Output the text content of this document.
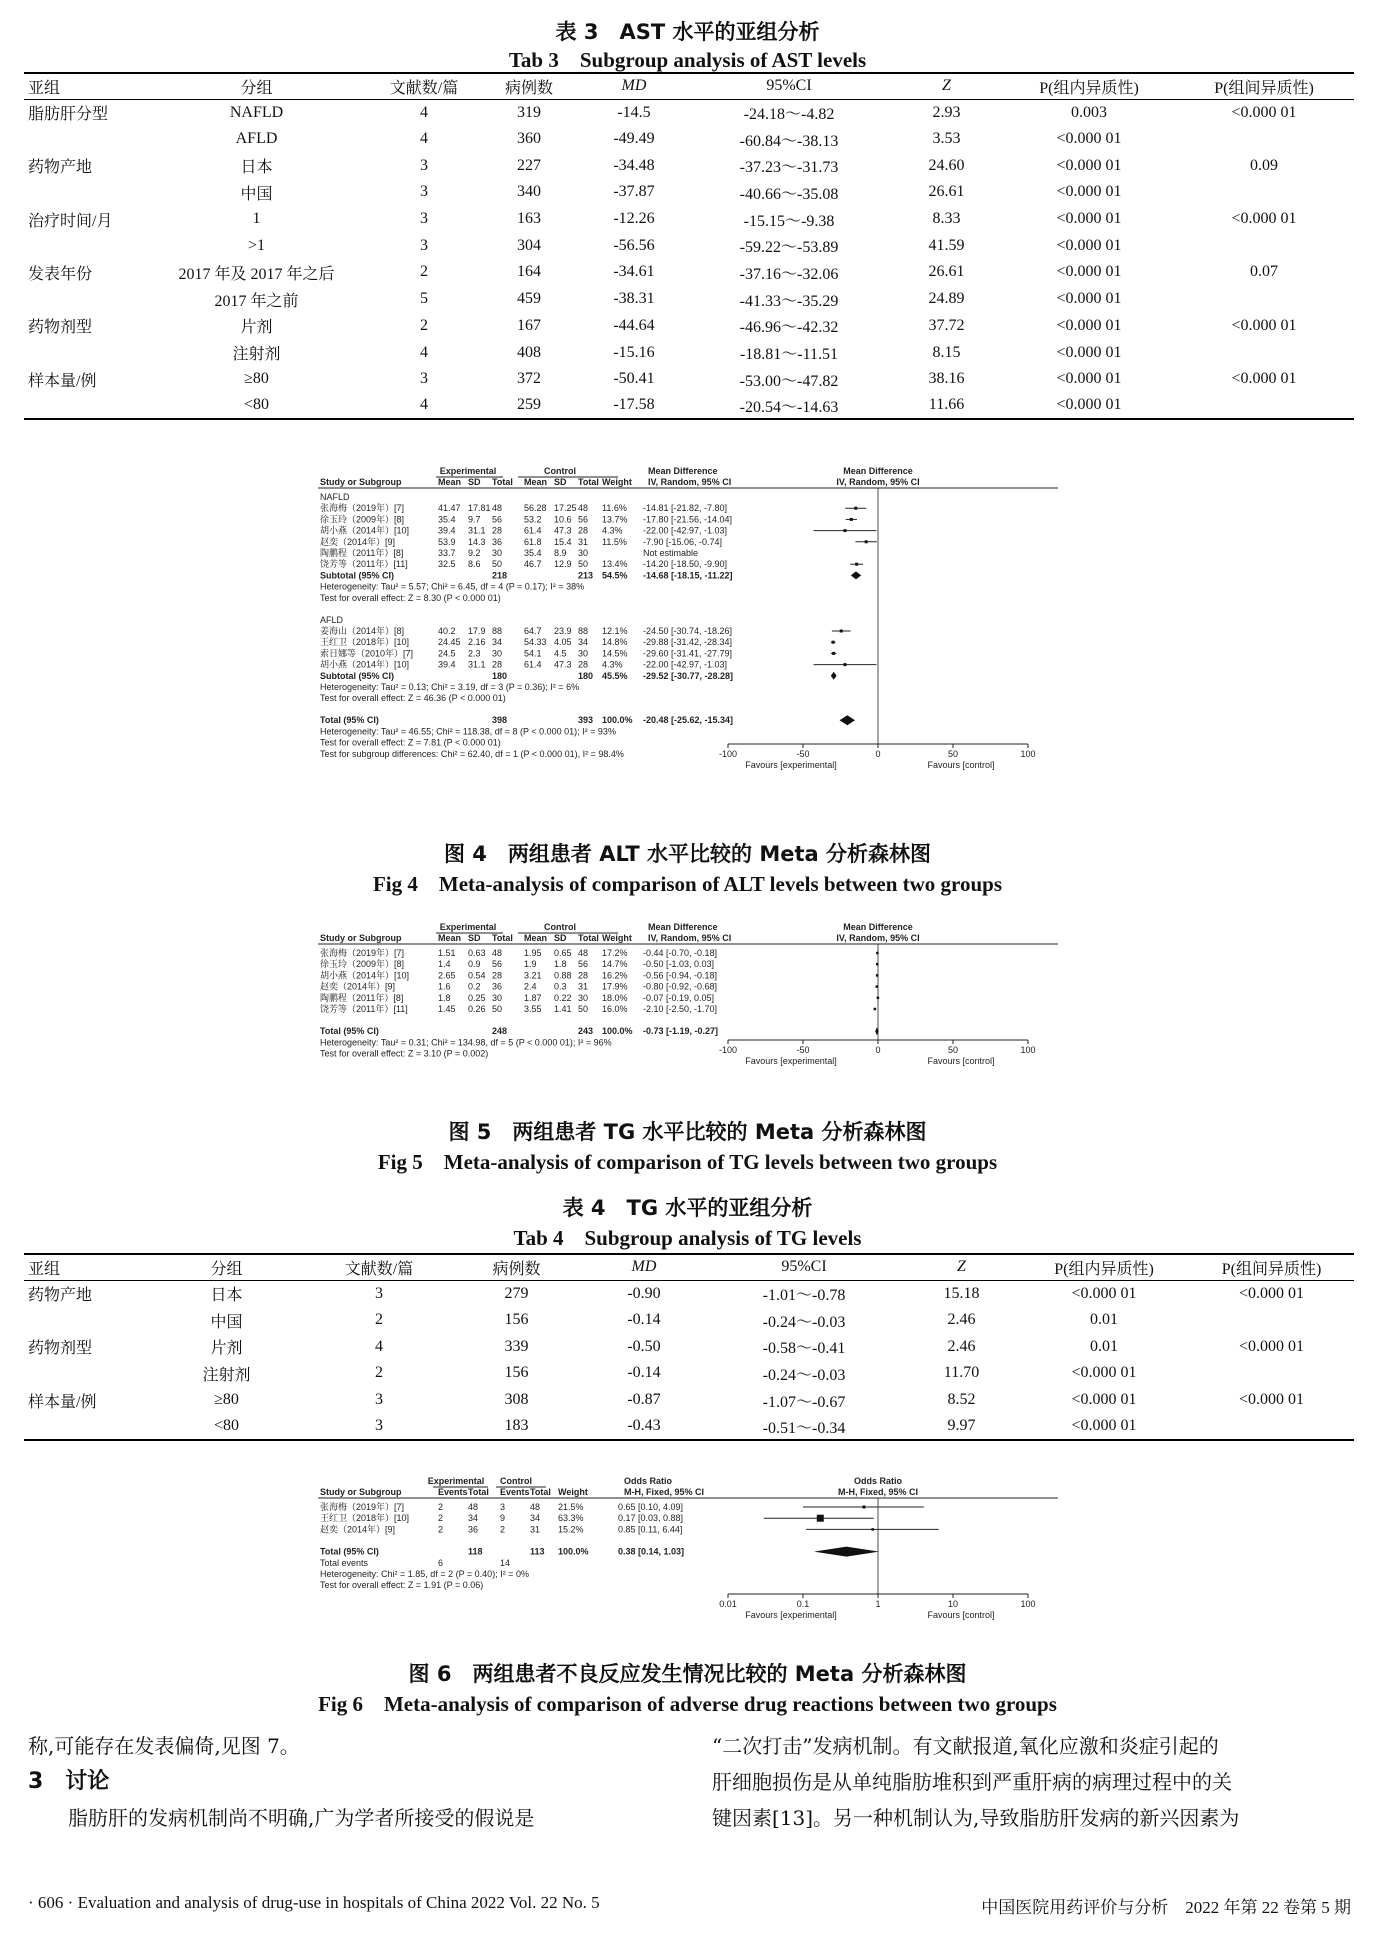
表 3　AST 水平的亚组分析
Tab 3　Subgroup analysis of AST levels
亚组	分组	文献数/篇	病例数	MD	95%CI	Z	P(组内异质性)	P(组间异质性)
脂肪肝分型	NAFLD	4	319	-14.5	-24.18～-4.82	2.93	0.003	<0.000 01
	AFLD	4	360	-49.49	-60.84～-38.13	3.53	<0.000 01	
药物产地	日本	3	227	-34.48	-37.23～-31.73	24.60	<0.000 01	0.09
	中国	3	340	-37.87	-40.66～-35.08	26.61	<0.000 01	
治疗时间/月	1	3	163	-12.26	-15.15～-9.38	8.33	<0.000 01	<0.000 01
	>1	3	304	-56.56	-59.22～-53.89	41.59	<0.000 01	
发表年份	2017 年及 2017 年之后	2	164	-34.61	-37.16～-32.06	26.61	<0.000 01	0.07
	2017 年之前	5	459	-38.31	-41.33～-35.29	24.89	<0.000 01	
药物剂型	片剂	2	167	-44.64	-46.96～-42.32	37.72	<0.000 01	<0.000 01
	注射剂	4	408	-15.16	-18.81～-11.51	8.15	<0.000 01	
样本量/例	≥80	3	372	-50.41	-53.00～-47.82	38.16	<0.000 01	<0.000 01
	<80	4	259	-17.58	-20.54～-14.63	11.66	<0.000 01	
Experimental	Control	Mean Difference	Mean Difference
IV, Random, 95% CI	IV, Random, 95% CI
Study or Subgroup	Mean SD Total Mean SD Total Weight
NAFLD
张海梅（2019年）[7]	41.47 17.81 48 56.28 17.25 48 11.6% -14.81 [-21.82, -7.80]
徐玉玲（2009年）[8]	35.4 9.7 56 53.2 10.6 56 13.7% -17.80 [-21.56, -14.04]
胡小燕（2014年）[10]	39.4 31.1 28 61.4 47.3 28 4.3% -22.00 [-42.97, -1.03]
赵奕（2014年）[9]	53.9 14.3 36 61.8 15.4 31 11.5% -7.90 [-15.06, -0.74]
陶鹏程（2011年）[8]	33.7 9.2 30 35.4 8.9 30	Not estimable
饶芳等（2011年）[11]	32.5 8.6 50 46.7 12.9 50 13.4% -14.20 [-18.50, -9.90]
Subtotal (95% CI)	218	213 54.5% -14.68 [-18.15, -11.22]
Heterogeneity: Tau² = 5.57; Chi² = 6.45, df = 4 (P = 0.17); I² = 38%
Test for overall effect: Z = 8.30 (P < 0.000 01)
AFLD
姜海山（2014年）[8]	40.2 17.9 88 64.7 23.9 88 12.1% -24.50 [-30.74, -18.26]
王红卫（2018年）[10]	24.45 2.16 34 54.33 4.05 34 14.8% -29.88 [-31.42, -28.34]
索日娜等（2010年）[7]	24.5 2.3 30 54.1 4.5 30 14.5% -29.60 [-31.41, -27.79]
胡小燕（2014年）[10]	39.4 31.1 28 61.4 47.3 28 4.3% -22.00 [-42.97, -1.03]
Subtotal (95% CI)	180	180 45.5% -29.52 [-30.77, -28.28]
Heterogeneity: Tau² = 0.13; Chi² = 3.19, df = 3 (P = 0.36); I² = 6%
Test for overall effect: Z = 46.36 (P < 0.000 01)
Total (95% CI)	398	393 100.0% -20.48 [-25.62, -15.34]
Heterogeneity: Tau² = 46.55; Chi² = 118.38, df = 8 (P < 0.000 01); I² = 93%
Test for overall effect: Z = 7.81 (P < 0.000 01)
Test for subgroup differences: Chi² = 62.40, df = 1 (P < 0.000 01), I² = 98.4%	-100	-50	0	50	100
Favours [experimental]	Favours [control]
图 4　两组患者 ALT 水平比较的 Meta 分析森林图
Fig 4　Meta-analysis of comparison of ALT levels between two groups
Experimental	Control	Mean Difference	Mean Difference
IV, Random, 95% CI	IV, Random, 95% CI
Study or Subgroup	Mean SD Total Mean SD Total Weight
张海梅（2019年）[7]	1.51 0.63 48 1.95 0.65 48 17.2% -0.44 [-0.70, -0.18]
徐玉玲（2009年）[8]	1.4 0.9 56 1.9 1.8 56 14.7% -0.50 [-1.03, 0.03]
胡小燕（2014年）[10]	2.65 0.54 28 3.21 0.88 28 16.2% -0.56 [-0.94, -0.18]
赵奕（2014年）[9]	1.6 0.2 36 2.4 0.3 31 17.9% -0.80 [-0.92, -0.68]
陶鹏程（2011年）[8]	1.8 0.25 30 1.87 0.22 30 18.0% -0.07 [-0.19, 0.05]
饶芳等（2011年）[11]	1.45 0.26 50 3.55 1.41 50 16.0% -2.10 [-2.50, -1.70]
Total (95% CI)	248	243 100.0% -0.73 [-1.19, -0.27]
Heterogeneity: Tau² = 0.31; Chi² = 134.98, df = 5 (P < 0.000 01); I² = 96%
Test for overall effect: Z = 3.10 (P = 0.002)	-100	-50	0	50	100
Favours [experimental]	Favours [control]
图 5　两组患者 TG 水平比较的 Meta 分析森林图
Fig 5　Meta-analysis of comparison of TG levels between two groups
表 4　TG 水平的亚组分析
Tab 4　Subgroup analysis of TG levels
亚组	分组	文献数/篇	病例数	MD	95%CI	Z	P(组内异质性)	P(组间异质性)
药物产地	日本	3	279	-0.90	-1.01～-0.78	15.18	<0.000 01	<0.000 01
	中国	2	156	-0.14	-0.24～-0.03	2.46	0.01	
药物剂型	片剂	4	339	-0.50	-0.58～-0.41	2.46	0.01	<0.000 01
	注射剂	2	156	-0.14	-0.24～-0.03	11.70	<0.000 01	
样本量/例	≥80	3	308	-0.87	-1.07～-0.67	8.52	<0.000 01	<0.000 01
	<80	3	183	-0.43	-0.51～-0.34	9.97	<0.000 01	
Experimental Control	Odds Ratio	Odds Ratio
M-H, Fixed, 95% CI	M-H, Fixed, 95% CI
Study or Subgroup	Events Total Events Total Weight
张海梅（2019年）[7]	2	48 3	48 21.5%	0.65 [0.10, 4.09]
王红卫（2018年）[10]	2	34 9	34 63.3%	0.17 [0.03, 0.88]
赵奕（2014年）[9]	2	36 2	31 15.2%	0.85 [0.11, 6.44]
Total (95% CI)	118	113 100.0%	0.38 [0.14, 1.03]
Total events	6	14
Heterogeneity: Chi² = 1.85, df = 2 (P = 0.40); I² = 0%
Test for overall effect: Z = 1.91 (P = 0.06)
0.01	0.1	1	10	100
Favours [experimental]	Favours [control]
图 6　两组患者不良反应发生情况比较的 Meta 分析森林图
Fig 6　Meta-analysis of comparison of adverse drug reactions between two groups
称,可能存在发表偏倚,见图 7。
3　讨论
脂肪肝的发病机制尚不明确,广为学者所接受的假说是
“二次打击”发病机制。有文献报道,氧化应激和炎症引起的
肝细胞损伤是从单纯脂肪堆积到严重肝病的病理过程中的关
键因素[13]。另一种机制认为,导致脂肪肝发病的新兴因素为
· 606 · Evaluation and analysis of drug-use in hospitals of China 2022 Vol. 22 No. 5	中国医院用药评价与分析　2022 年第 22 卷第 5 期
